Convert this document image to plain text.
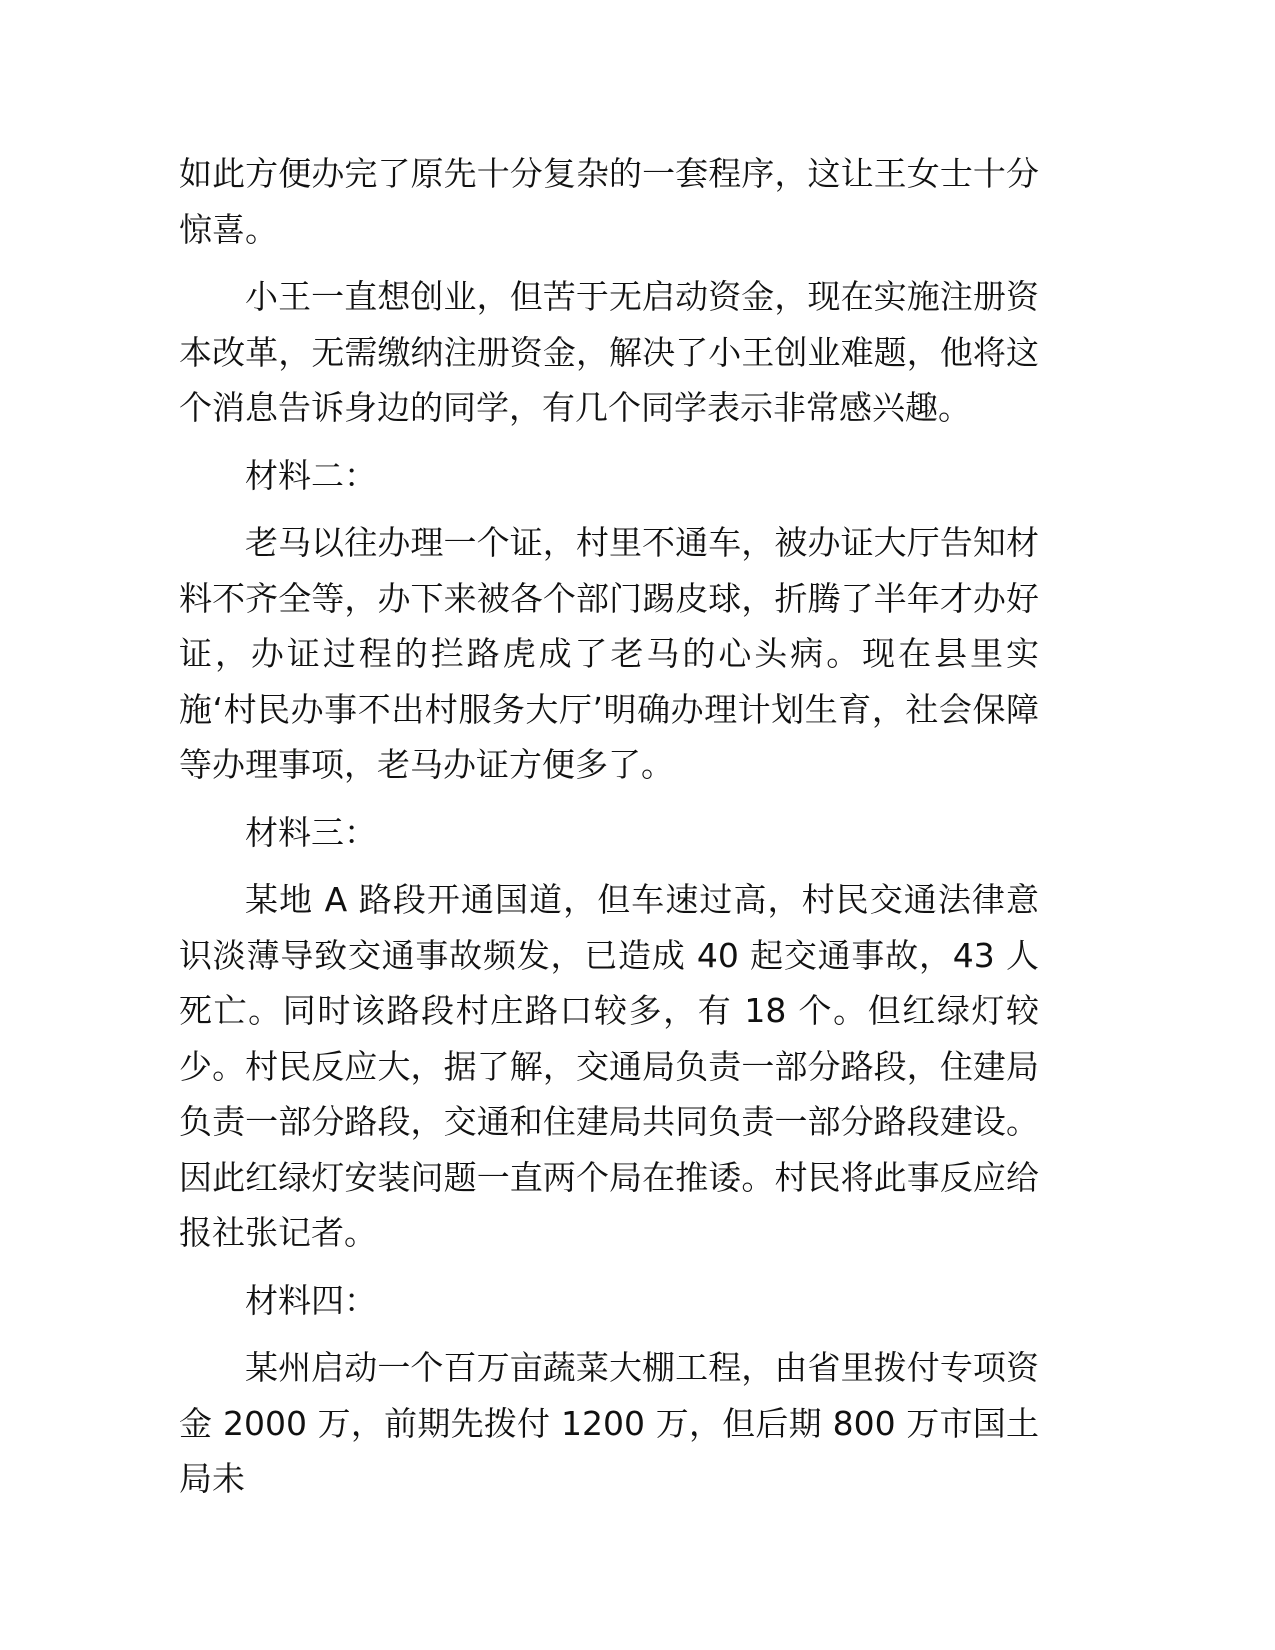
如此方便办完了原先十分复杂的一套程序，这让王女士十分惊喜。

小王一直想创业，但苦于无启动资金，现在实施注册资本改革，无需缴纳注册资金，解决了小王创业难题，他将这个消息告诉身边的同学，有几个同学表示非常感兴趣。

材料二：

老马以往办理一个证，村里不通车，被办证大厅告知材料不齐全等，办下来被各个部门踢皮球，折腾了半年才办好证，办证过程的拦路虎成了老马的心头病。现在县里实施‘村民办事不出村服务大厅’明确办理计划生育，社会保障等办理事项，老马办证方便多了。

材料三：

某地 A 路段开通国道，但车速过高，村民交通法律意识淡薄导致交通事故频发，已造成 40 起交通事故，43 人死亡。同时该路段村庄路口较多，有 18 个。但红绿灯较少。村民反应大，据了解，交通局负责一部分路段，住建局负责一部分路段，交通和住建局共同负责一部分路段建设。因此红绿灯安装问题一直两个局在推诿。村民将此事反应给报社张记者。

材料四：

某州启动一个百万亩蔬菜大棚工程，由省里拨付专项资金 2000 万，前期先拨付 1200 万，但后期 800 万市国土局未
